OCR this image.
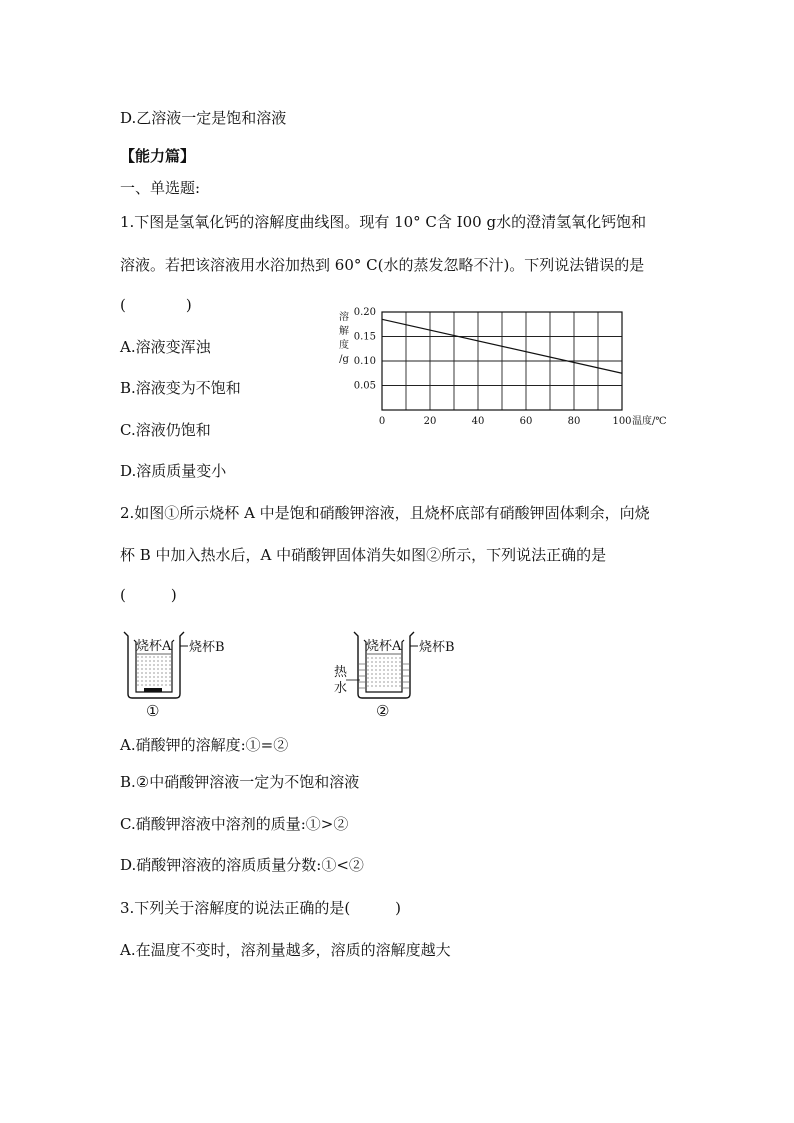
D.乙溶液一定是饱和溶液
【能力篇】
一、单选题:
1.下图是氢氧化钙的溶解度曲线图。现有 10° C含 I00 g水的澄清氢氧化钙饱和
溶液。若把该溶液用水浴加热到 60° C(水的蒸发忽略不汁)。下列说法错误的是
(　　　　)
A.溶液变浑浊
B.溶液变为不饱和
C.溶液仍饱和
D.溶质质量变小
0	20	40	60	80	100
0.20
0.15
0.10
0.05
温度/℃
溶
解
度
/g
2.如图①所示烧杯 A 中是饱和硝酸钾溶液，且烧杯底部有硝酸钾固体剩余，向烧
杯 B 中加入热水后，A 中硝酸钾固体消失如图②所示，下列说法正确的是
(　　　)
烧杯A 烧杯B
①
烧杯A 烧杯B
热
水
②
A.硝酸钾的溶解度:①=②
B.②中硝酸钾溶液一定为不饱和溶液
C.硝酸钾溶液中溶剂的质量:①>②
D.硝酸钾溶液的溶质质量分数:①<②
3.下列关于溶解度的说法正确的是(　　　)
A.在温度不变时，溶剂量越多，溶质的溶解度越大
